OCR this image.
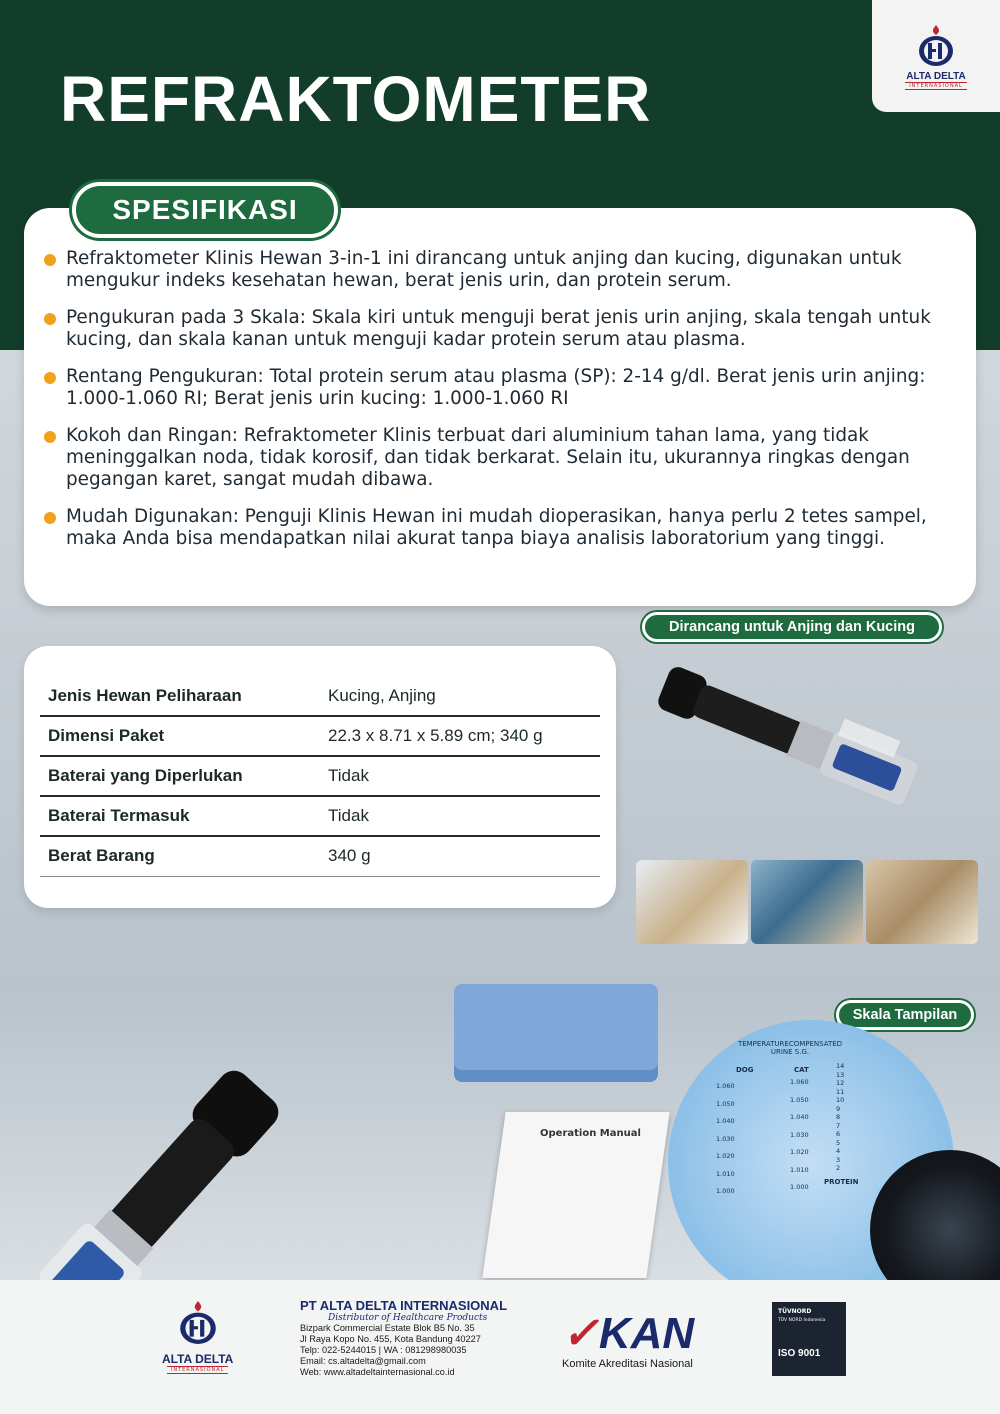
REFRAKTOMETER	ALTA DELTA
INTERNASIONAL
SPESIFIKASI
Refraktometer Klinis Hewan 3-in-1 ini dirancang untuk anjing dan kucing, digunakan untuk mengukur indeks kesehatan hewan, berat jenis urin, dan protein serum.
Pengukuran pada 3 Skala: Skala kiri untuk menguji berat jenis urin anjing, skala tengah untuk kucing, dan skala kanan untuk menguji kadar protein serum atau plasma.
Rentang Pengukuran: Total protein serum atau plasma (SP): 2-14 g/dl. Berat jenis urin anjing: 1.000-1.060 RI; Berat jenis urin kucing: 1.000-1.060 RI
Kokoh dan Ringan: Refraktometer Klinis terbuat dari aluminium tahan lama, yang tidak meninggalkan noda, tidak korosif, dan tidak berkarat. Selain itu, ukurannya ringkas dengan pegangan karet, sangat mudah dibawa.
Mudah Digunakan: Penguji Klinis Hewan ini mudah dioperasikan, hanya perlu 2 tetes sampel, maka Anda bisa mendapatkan nilai akurat tanpa biaya analisis laboratorium yang tinggi.
Dirancang untuk Anjing dan Kucing
Jenis Hewan Peliharaan	Kucing, Anjing
Dimensi Paket	22.3 x 8.71 x 5.89 cm; 340 g
Baterai yang Diperlukan	Tidak
Baterai Termasuk	Tidak
Berat Barang	340 g
Operation Manual
Skala Tampilan
TEMPERATURECOMPENSATED URINE S.G.
DOG	CAT
1.060
1.050
1.040
1.030
1.020
1.010
1.000
1.060
1.050
1.040
1.030
1.020
1.010
1.000
14
13
12
11
10
9
8
7
6
5
4
3
2
PROTEIN
ALTA DELTA
INTERNASIONAL
PT ALTA DELTA INTERNASIONAL
Distributor of Healthcare Products
Bizpark Commercial Estate Blok B5 No. 35
Jl Raya Kopo No. 455, Kota Bandung 40227
Telp: 022-5244015 | WA : 081298980035
Email: cs.altadelta@gmail.com
Web: www.altadeltainternasional.co.id
✓KAN
Komite Akreditasi Nasional
TÜVNORD
TÜV NORD Indonesia
ISO 9001
